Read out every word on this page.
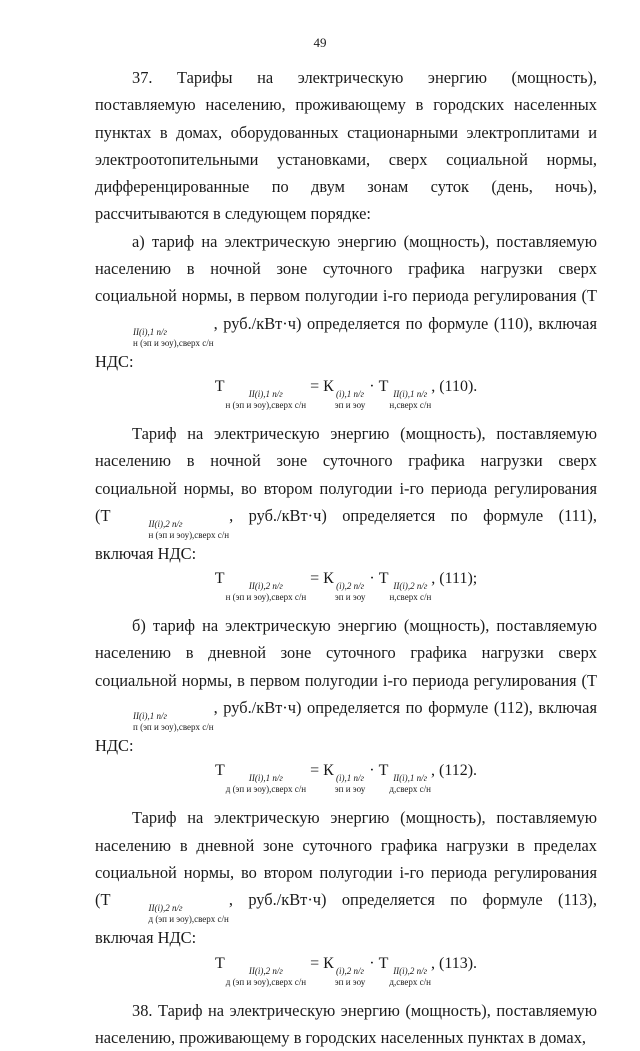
49

37. Тарифы на электрическую энергию (мощность), поставляемую населению, проживающему в городских населенных пунктах в домах, оборудованных стационарными электроплитами и электроотопительными установками, сверх социальной нормы, дифференцированные по двум зонам суток (день, ночь), рассчитываются в следующем порядке:

а) тариф на электрическую энергию (мощность), поставляемую населению в ночной зоне суточного графика нагрузки сверх социальной нормы, в первом полугодии i-го периода регулирования (Т
II(i),1 п/г
н (эп и эоу),сверх с/н
, руб./кВт·ч) определяется по формуле (110), включая НДС:

Т	II(i),1 п/г
н (эп и эоу),сверх с/н
= К (i),1 п/г
эп и эоу
· Т II(i),1 п/г
н,сверх с/н
, (110).

Тариф на электрическую энергию (мощность), поставляемую населению в ночной зоне суточного графика нагрузки сверх социальной нормы, во втором полугодии i-го периода регулирования (Т	II(i),2 п/г
н (эп и эоу),сверх с/н
, руб./кВт·ч) определяется по формуле (111), включая НДС:

Т	II(i),2 п/г
н (эп и эоу),сверх с/н
= К (i),2 п/г
эп и эоу
· Т II(i),2 п/г
н,сверх с/н
, (111);

б) тариф на электрическую энергию (мощность), поставляемую населению в дневной зоне суточного графика нагрузки сверх социальной нормы, в первом полугодии i-го периода регулирования (Т
II(i),1 п/г
п (эп и эоу),сверх с/н
, руб./кВт·ч) определяется по формуле (112), включая НДС:

Т	II(i),1 п/г
д (эп и эоу),сверх с/н
= К (i),1 п/г
эп и эоу
· Т II(i),1 п/г
д,сверх с/н
, (112).

Тариф на электрическую энергию (мощность), поставляемую населению в дневной зоне суточного графика нагрузки в пределах социальной нормы, во втором полугодии i-го периода регулирования (Т	II(i),2 п/г
д (эп и эоу),сверх с/н
, руб./кВт·ч) определяется по формуле (113), включая НДС:

Т	II(i),2 п/г
д (эп и эоу),сверх с/н
= К (i),2 п/г
эп и эоу
· Т II(i),2 п/г
д,сверх с/н
, (113).

38. Тариф на электрическую энергию (мощность), поставляемую населению, проживающему в городских населенных пунктах в домах,
